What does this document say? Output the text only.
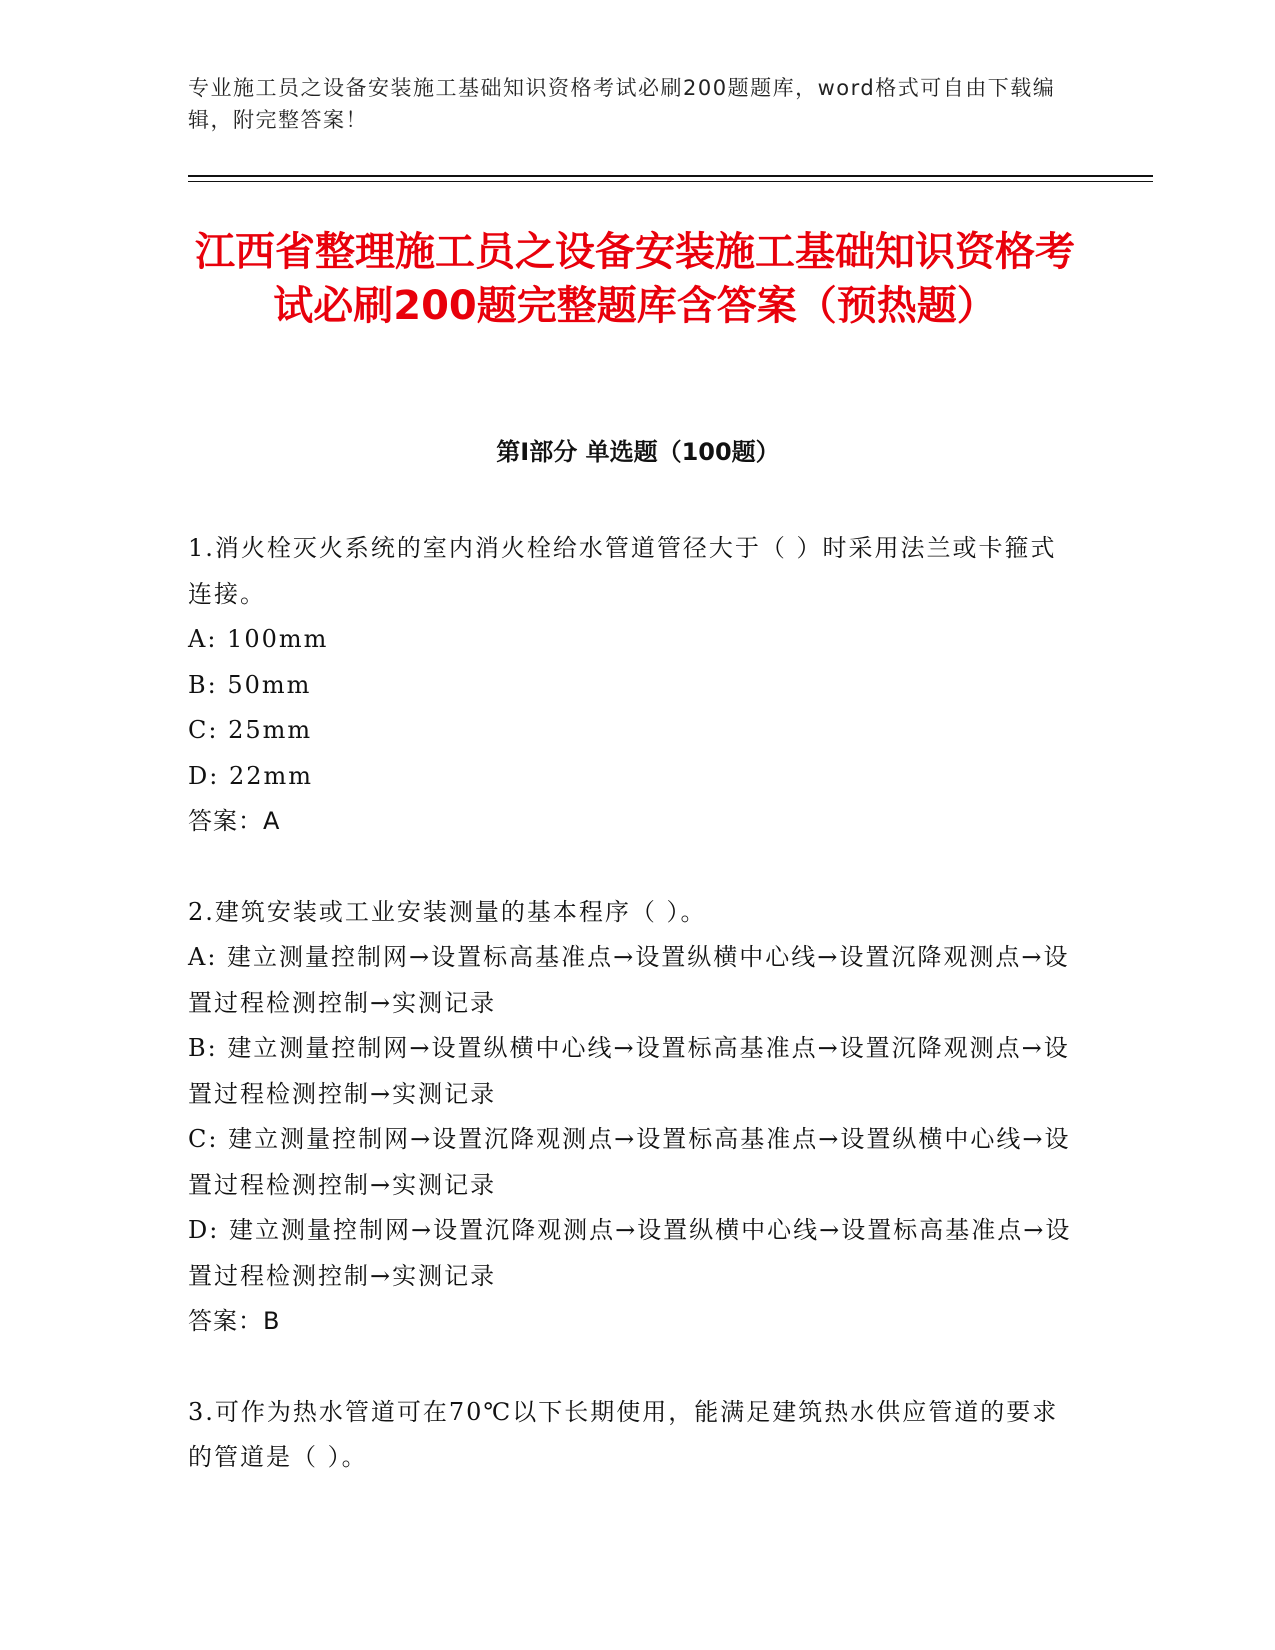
专业施工员之设备安装施工基础知识资格考试必刷200题题库，word格式可自由下载编辑，附完整答案！
江西省整理施工员之设备安装施工基础知识资格考试必刷200题完整题库含答案（预热题）
第Ⅰ部分 单选题（100题）

1.消火栓灭火系统的室内消火栓给水管道管径大于（ ）时采用法兰或卡箍式连接。

A: 100mm

B: 50mm

C: 25mm

D: 22mm

答案：A

2.建筑安装或工业安装测量的基本程序（ ）。

A: 建立测量控制网→设置标高基准点→设置纵横中心线→设置沉降观测点→设置过程检测控制→实测记录

B: 建立测量控制网→设置纵横中心线→设置标高基准点→设置沉降观测点→设置过程检测控制→实测记录

C: 建立测量控制网→设置沉降观测点→设置标高基准点→设置纵横中心线→设置过程检测控制→实测记录

D: 建立测量控制网→设置沉降观测点→设置纵横中心线→设置标高基准点→设置过程检测控制→实测记录

答案：B

3.可作为热水管道可在70℃以下长期使用，能满足建筑热水供应管道的要求的管道是（ ）。
